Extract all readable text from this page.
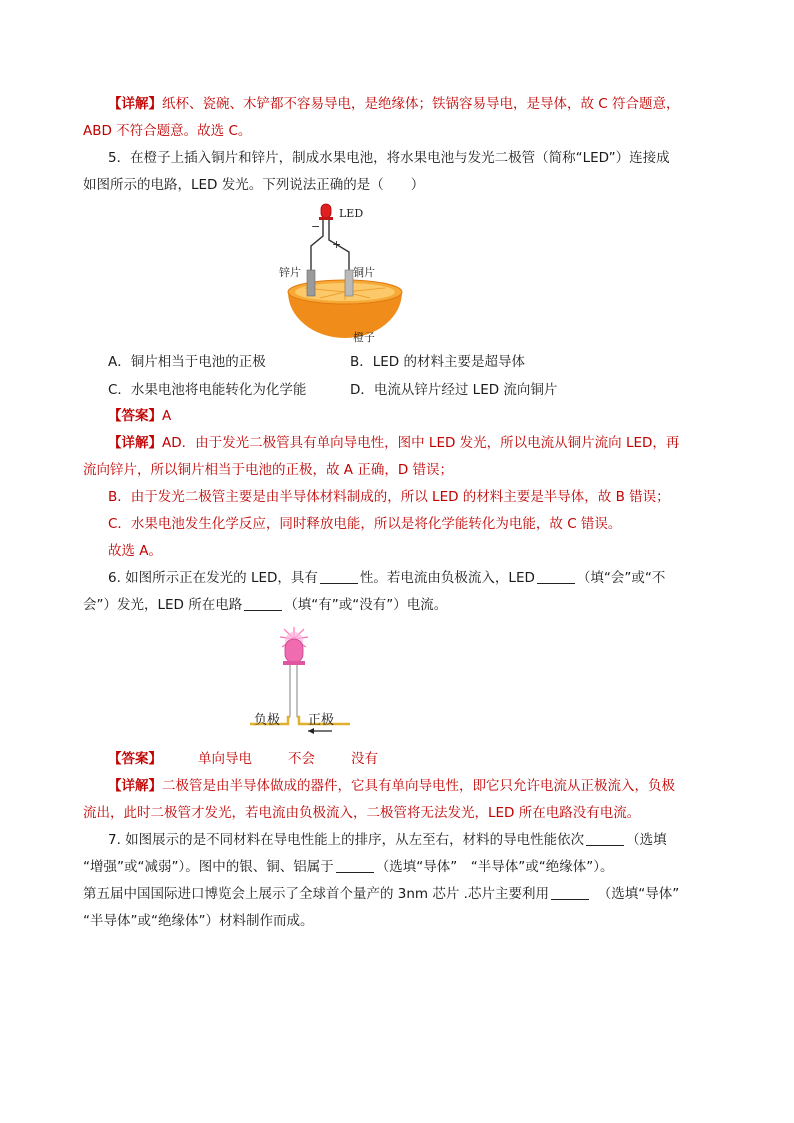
【详解】纸杯、瓷碗、木铲都不容易导电，是绝缘体；铁锅容易导电，是导体，故 C 符合题意，
ABD 不符合题意。故选 C。
5．在橙子上插入铜片和锌片，制成水果电池，将水果电池与发光二极管（简称“LED”）连接成
如图所示的电路，LED 发光。下列说法正确的是（　　）
LED
−
+
锌片	铜片
橙子
A．铜片相当于电池的正极	B．LED 的材料主要是超导体
C．水果电池将电能转化为化学能	D．电流从锌片经过 LED 流向铜片
【答案】A
【详解】AD．由于发光二极管具有单向导电性，图中 LED 发光，所以电流从铜片流向 LED，再
流向锌片，所以铜片相当于电池的正极，故 A 正确，D 错误；
B．由于发光二极管主要是由半导体材料制成的，所以 LED 的材料主要是半导体，故 B 错误；
C．水果电池发生化学反应，同时释放电能，所以是将化学能转化为电能，故 C 错误。
故选 A。
6. 如图所示正在发光的 LED，具有	性。若电流由负极流入，LED	（填“会”或“不
会”）发光，LED 所在电路	（填“有”或“没有”）电流。
负极 正极
【答案】	单向导电	不会	没有
【详解】二极管是由半导体做成的器件，它具有单向导电性，即它只允许电流从正极流入，负极
流出，此时二极管才发光，若电流由负极流入，二极管将无法发光，LED 所在电路没有电流。
7. 如图展示的是不同材料在导电性能上的排序，从左至右，材料的导电性能依次	（选填
“增强”或“减弱”）。图中的银、铜、铝属于	（选填“导体”　“半导体”或“绝缘体”）。
第五届中国国际进口博览会上展示了全球首个量产的 3nm 芯片 .芯片主要利用	　（选填“导体”
“半导体”或“绝缘体”）材料制作而成。
